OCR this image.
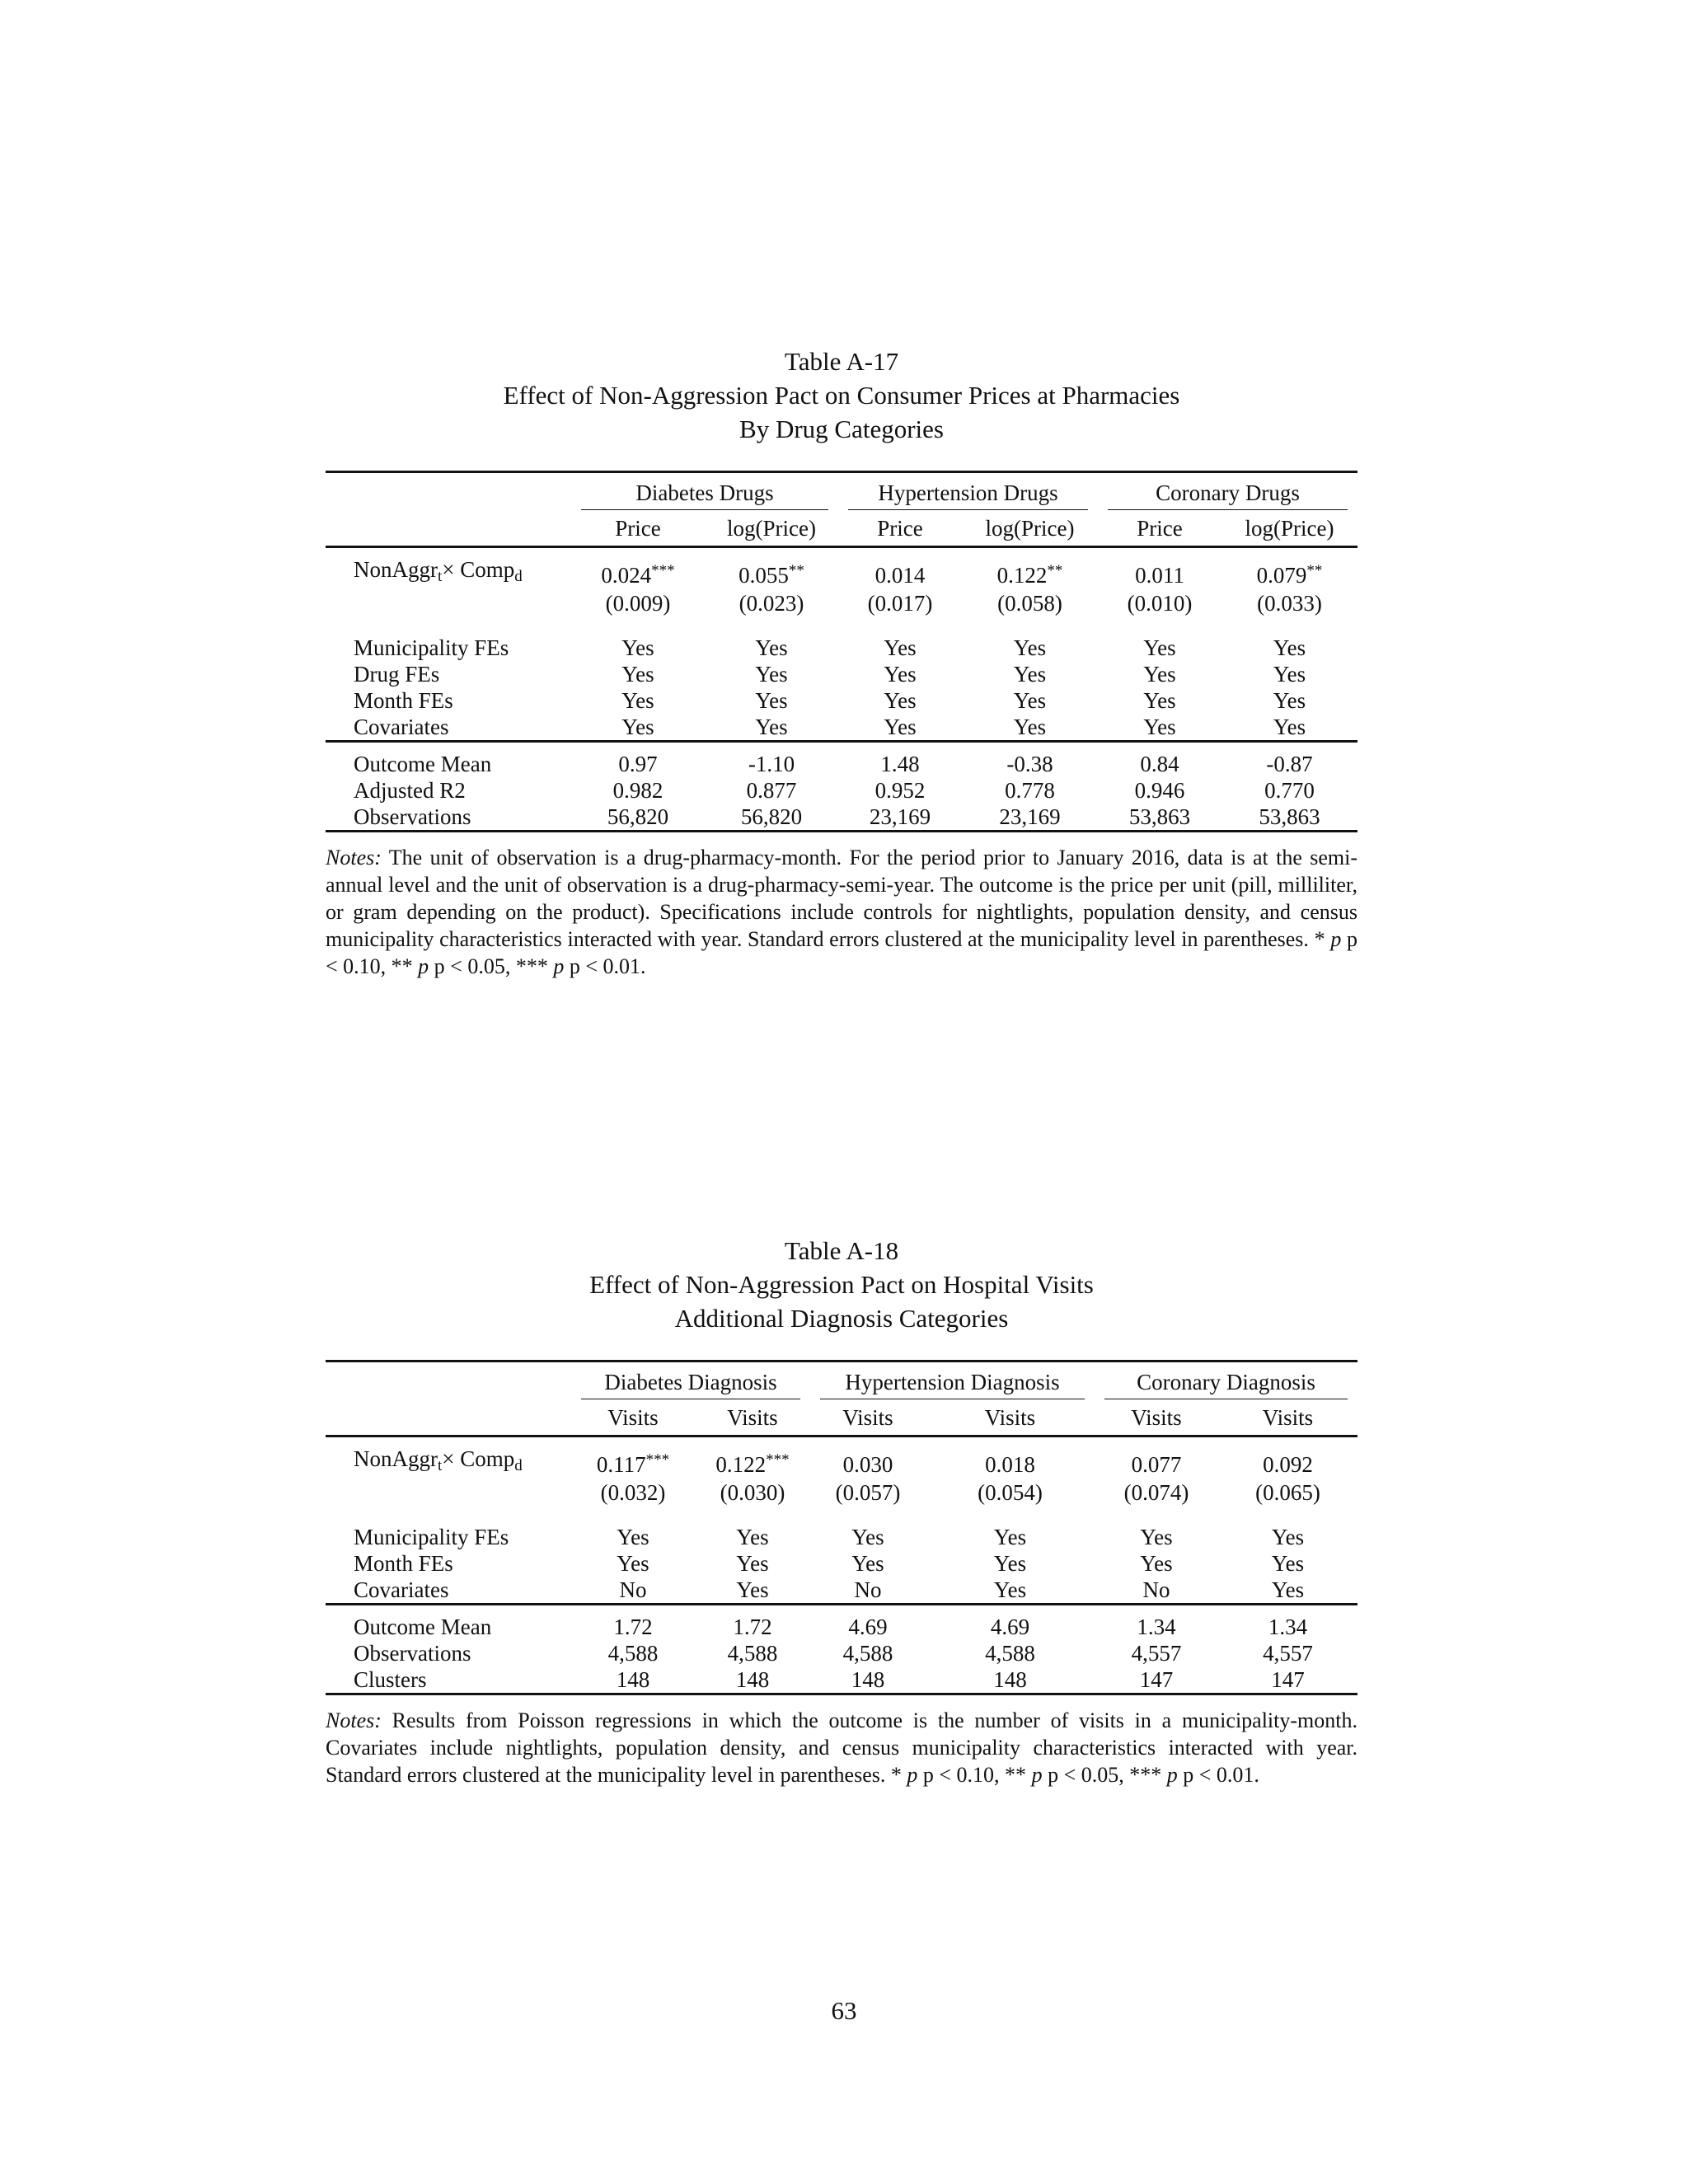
Table A-17
Effect of Non-Aggression Pact on Consumer Prices at Pharmacies
By Drug Categories

	Diabetes Drugs		Hypertension Drugs		Coronary Drugs	

	Price	log(Price)	Price	log(Price)	Price	log(Price)

NonAggr$_t$× Comp$_d$	0.024***	0.055**	0.014	0.122**	0.011	0.079**
	(0.009)	(0.023)	(0.017)	(0.058)	(0.010)	(0.033)

Municipality FEs	Yes	Yes	Yes	Yes	Yes	Yes
Drug FEs	Yes	Yes	Yes	Yes	Yes	Yes
Month FEs	Yes	Yes	Yes	Yes	Yes	Yes
Covariates	Yes	Yes	Yes	Yes	Yes	Yes

Outcome Mean	0.97	-1.10	1.48	-0.38	0.84	-0.87
Adjusted R2	0.982	0.877	0.952	0.778	0.946	0.770
Observations	56,820	56,820	23,169	23,169	53,863	53,863
Notes: The unit of observation is a drug-pharmacy-month. For the period prior to January 2016, data is at the semi-annual level and the unit of observation is a drug-pharmacy-semi-year. The outcome is the price per unit (pill, milliliter, or gram depending on the product). Specifications include controls for nightlights, population density, and census municipality characteristics interacted with year. Standard errors clustered at the municipality level in parentheses. * p p < 0.10, ** p p < 0.05, *** p p < 0.01.
Table A-18
Effect of Non-Aggression Pact on Hospital Visits
Additional Diagnosis Categories

	Diabetes Diagnosis		Hypertension Diagnosis		Coronary Diagnosis	

	Visits	Visits	Visits	Visits	Visits	Visits

NonAggr$_t$× Comp$_d$	0.117***	0.122***	0.030	0.018	0.077	0.092
	(0.032)	(0.030)	(0.057)	(0.054)	(0.074)	(0.065)

Municipality FEs	Yes	Yes	Yes	Yes	Yes	Yes
Month FEs	Yes	Yes	Yes	Yes	Yes	Yes
Covariates	No	Yes	No	Yes	No	Yes

Outcome Mean	1.72	1.72	4.69	4.69	1.34	1.34
Observations	4,588	4,588	4,588	4,588	4,557	4,557
Clusters	148	148	148	148	147	147
Notes: Results from Poisson regressions in which the outcome is the number of visits in a municipality-month. Covariates include nightlights, population density, and census municipality characteristics interacted with year. Standard errors clustered at the municipality level in parentheses. * p p < 0.10, ** p p < 0.05, *** p p < 0.01.
63
